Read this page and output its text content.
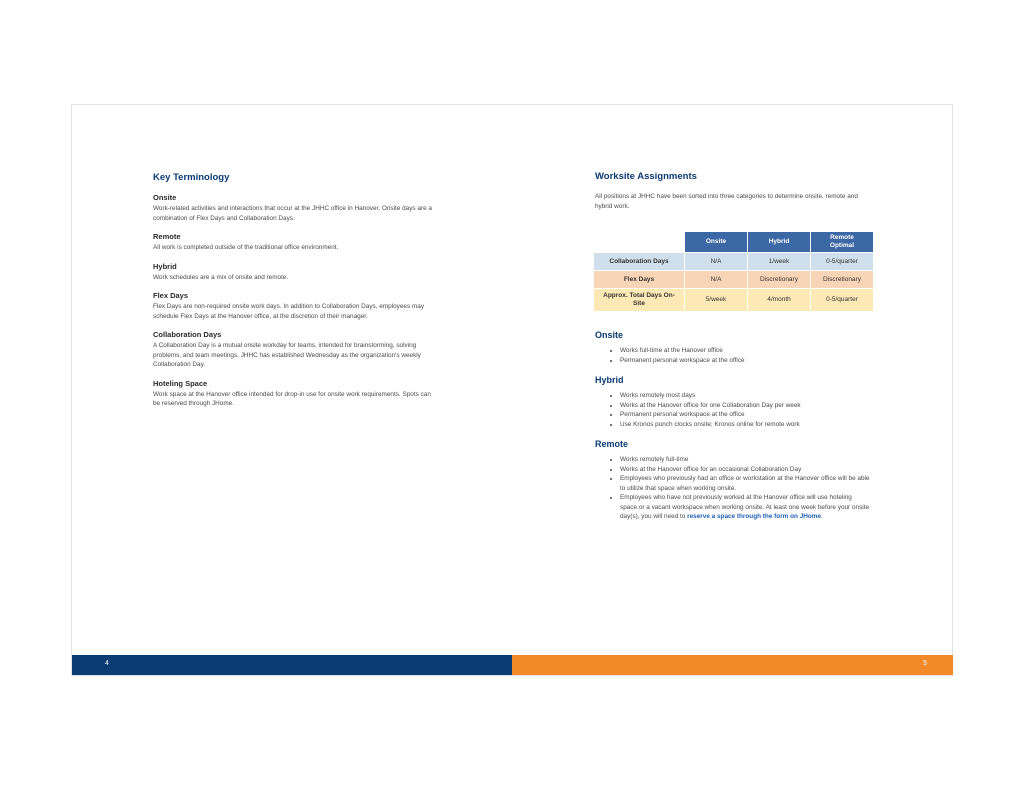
Key Terminology
Onsite
Work-related activities and interactions that occur at the JHHC office in Hanover. Onsite days are a combination of Flex Days and Collaboration Days.
Remote
All work is completed outside of the traditional office environment.
Hybrid
Work schedules are a mix of onsite and remote.
Flex Days
Flex Days are non-required onsite work days. In addition to Collaboration Days, employees may schedule Flex Days at the Hanover office, at the discretion of their manager.
Collaboration Days
A Collaboration Day is a mutual onsite workday for teams, intended for brainstorming, solving problems, and team meetings. JHHC has established Wednesday as the organization's weekly Collaboration Day.
Hoteling Space
Work space at the Hanover office intended for drop-in use for onsite work requirements. Spots can be reserved through JHome.
Worksite Assignments
All positions at JHHC have been sorted into three categories to determine onsite, remote and hybrid work.
	Onsite	Hybrid	Remote Optimal
Collaboration Days	N/A	1/week	0-5/quarter
Flex Days	N/A	Discretionary	Discretionary
Approx. Total Days On-Site	5/week	4/month	0-5/quarter
Onsite
• Works full-time at the Hanover office
• Permanent personal workspace at the office
Hybrid
• Works remotely most days
• Works at the Hanover office for one Collaboration Day per week
• Permanent personal workspace at the office
• Use Kronos punch clocks onsite; Kronos online for remote work
Remote
• Works remotely full-time
• Works at the Hanover office for an occasional Collaboration Day
• Employees who previously had an office or workstation at the Hanover office will be able to utilize that space when working onsite.
• Employees who have not previously worked at the Hanover office will use hoteling space or a vacant workspace when working onsite. At least one week before your onsite day(s), you will need to reserve a space through the form on JHome.
4	5
